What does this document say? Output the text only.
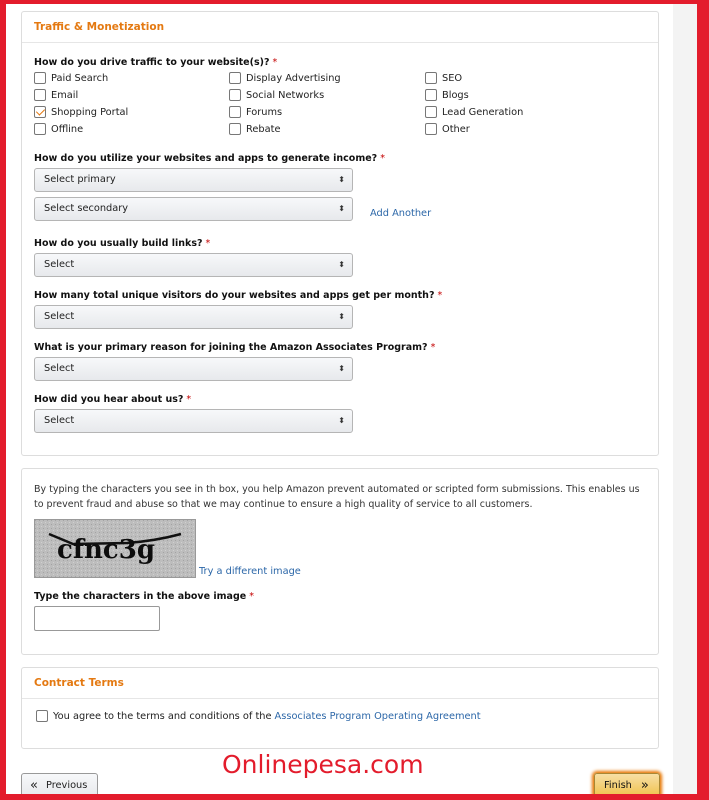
Traffic & Monetization
How do you drive traffic to your website(s)? *
Paid Search	Display Advertising	SEO
Email	Social Networks	Blogs
Shopping Portal	Forums	Lead Generation
Offline	Rebate	Other
How do you utilize your websites and apps to generate income? *
Select primary	⬍
Select secondary	⬍	Add Another
How do you usually build links? *
Select	⬍
How many total unique visitors do your websites and apps get per month? *
Select	⬍
What is your primary reason for joining the Amazon Associates Program? *
Select	⬍
How did you hear about us? *
Select	⬍
By typing the characters you see in th box, you help Amazon prevent automated or scripted form submissions. This enables us to prevent fraud and abuse so that we may continue to ensure a high quality of service to all customers.
cfnc3g
Try a different image
Type the characters in the above image *
Contract Terms
You agree to the terms and conditions of the Associates Program Operating Agreement
« Previous	Finish »
Onlinepesa.com
